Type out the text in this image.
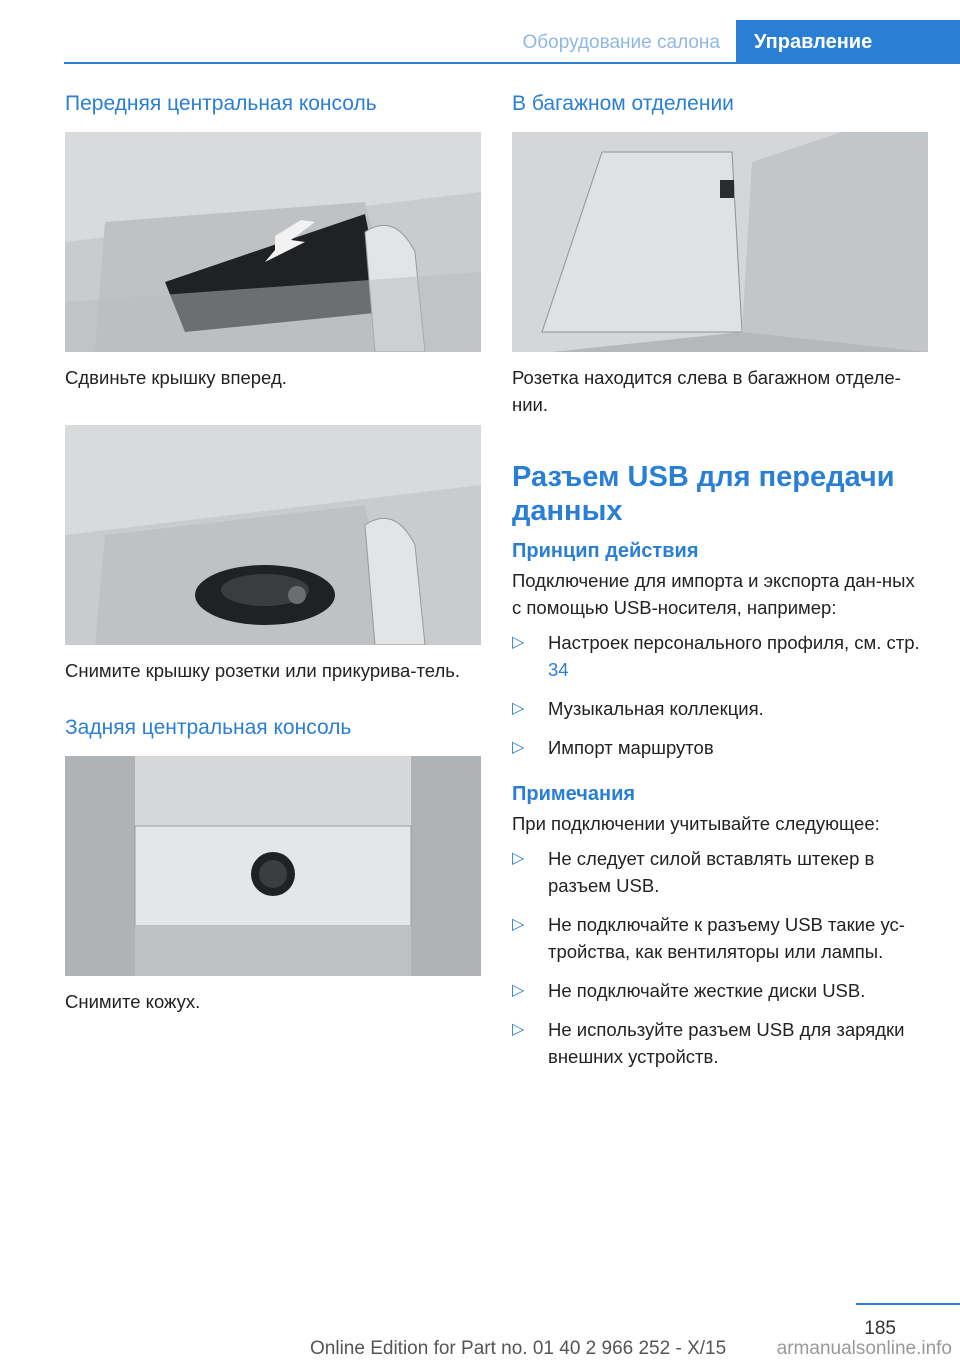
Оборудование салона	Управление
Передняя центральная консоль

Сдвиньте крышку вперед.

Снимите крышку розетки или прикурива-тель.

Задняя центральная консоль

Снимите кожух.

В багажном отделении

Розетка находится слева в багажном отделе-нии.

Разъем USB для передачи данных
Принцип действия

Подключение для импорта и экспорта дан-ных с помощью USB-носителя, например:

▷ Настроек персонального профиля, см. стр. 34
▷ Музыкальная коллекция.
▷ Импорт маршрутов
Примечания

При подключении учитывайте следующее:

▷ Не следует силой вставлять штекер в разъем USB.
▷ Не подключайте к разъему USB такие ус-тройства, как вентиляторы или лампы.
▷ Не подключайте жесткие диски USB.
▷ Не используйте разъем USB для зарядки внешних устройств.
185
Online Edition for Part no. 01 40 2 966 252 - X/15	armanualsonline.info
